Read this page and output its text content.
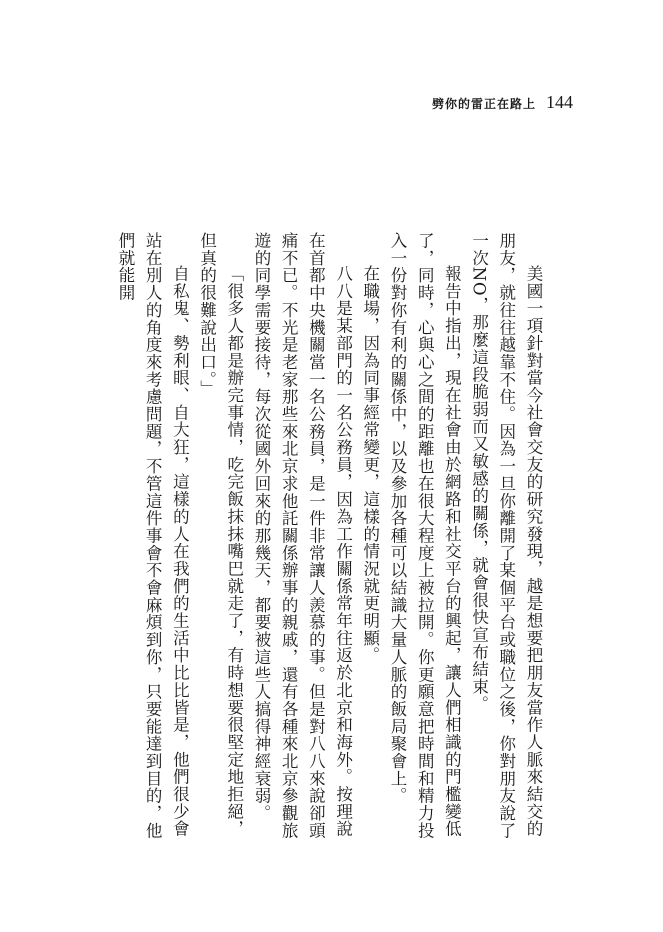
劈你的雷正在路上 144

美國一項針對當今社會交友的研究發現，越是想要把朋友當作人脈來結交的朋友，就往往越靠不住。因為一旦你離開了某個平台或職位之後，你對朋友說了一次NO，那麼這段脆弱而又敏感的關係，就會很快宣布結束。

報告中指出，現在社會由於網路和社交平台的興起，讓人們相識的門檻變低了，同時，心與心之間的距離也在很大程度上被拉開。你更願意把時間和精力投入一份對你有利的關係中，以及參加各種可以結識大量人脈的飯局聚會上。

在職場，因為同事經常變更，這樣的情況就更明顯。

八八是某部門的一名公務員，因為工作關係常年往返於北京和海外。按理說在首都中央機關當一名公務員，是一件非常讓人羨慕的事。但是對八八來說卻頭痛不已。不光是老家那些來北京求他託關係辦事的親戚，還有各種來北京參觀旅遊的同學需要接待，每次從國外回來的那幾天，都要被這些人搞得神經衰弱。

「很多人都是辦完事情，吃完飯抹抹嘴巴就走了，有時想要很堅定地拒絕，但真的很難說出口。」

自私鬼、勢利眼、自大狂，這樣的人在我們的生活中比比皆是，他們很少會站在別人的角度來考慮問題，不管這件事會不會麻煩到你，只要能達到目的，他們就能開
